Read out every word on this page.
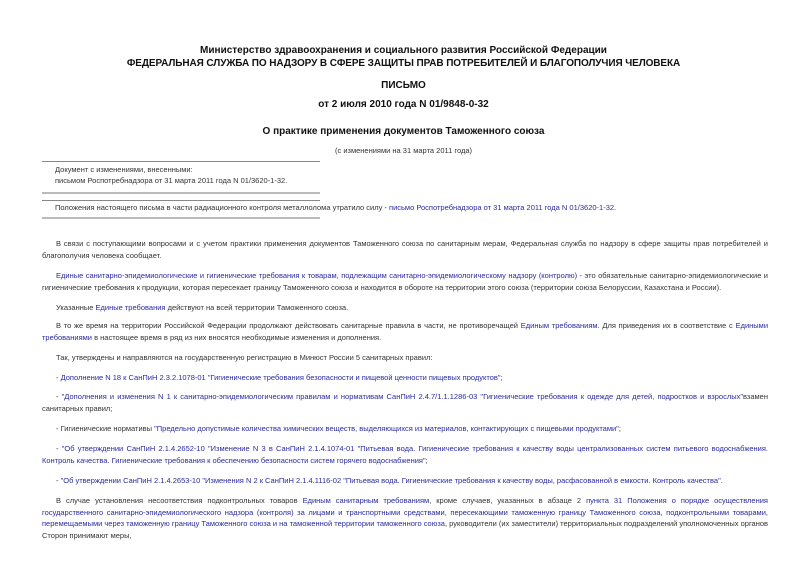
Министерство здравоохранения и социального развития Российской Федерации
ФЕДЕРАЛЬНАЯ СЛУЖБА ПО НАДЗОРУ В СФЕРЕ ЗАЩИТЫ ПРАВ ПОТРЕБИТЕЛЕЙ И БЛАГОПОЛУЧИЯ ЧЕЛОВЕКА
ПИСЬМО
от 2 июля 2010 года N 01/9848-0-32
О практике применения документов Таможенного союза
(с изменениями на 31 марта 2011 года)
Документ с изменениями, внесенными:
письмом Роспотребнадзора от 31 марта 2011 года N 01/3620-1-32.
Положения настоящего письма в части радиационного контроля металлолома утратило силу - письмо Роспотребнадзора от 31 марта 2011 года N 01/3620-1-32.
В связи с поступающими вопросами и с учетом практики применения документов Таможенного союза по санитарным мерам, Федеральная служба по надзору в сфере защиты прав потребителей и благополучия человека сообщает.
Единые санитарно-эпидемиологические и гигиенические требования к товарам, подлежащим санитарно-эпидемиологическому надзору (контролю) - это обязательные санитарно-эпидемиологические и гигиенические требования к продукции, которая пересекает границу Таможенного союза и находится в обороте на территории этого союза (территории союза Белоруссии, Казахстана и России).
Указанные Единые требования действуют на всей территории Таможенного союза.
В то же время на территории Российской Федерации продолжают действовать санитарные правила в части, не противоречащей Единым требованиям. Для приведения их в соответствие с Едиными требованиями в настоящее время в ряд из них вносятся необходимые изменения и дополнения.
Так, утверждены и направляются на государственную регистрацию в Минюст России 5 санитарных правил:
- Дополнение N 18 к СанПиН 2.3.2.1078-01 "Гигиенические требования безопасности и пищевой ценности пищевых продуктов";
- "Дополнения и изменения N 1 к санитарно-эпидемиологическим правилам и нормативам СанПиН 2.4.7/1.1.1286-03 "Гигиенические требования к одежде для детей, подростков и взрослых"взамен санитарных правил;
- Гигиенические нормативы "Предельно допустимые количества химических веществ, выделяющихся из материалов, контактирующих с пищевыми продуктами";
- "Об утверждении СанПиН 2.1.4.2652-10 "Изменение N 3 в СанПиН 2.1.4.1074-01 "Питьевая вода. Гигиенические требования к качеству воды централизованных систем питьевого водоснабжения. Контроль качества. Гигиенические требования к обеспечению безопасности систем горячего водоснабжения";
- "Об утверждении СанПиН 2.1.4.2653-10 "Изменения N 2 к СанПиН 2.1.4.1116-02 "Питьевая вода. Гигиенические требования к качеству воды, расфасованной в емкости. Контроль качества".
В случае установления несоответствия подконтрольных товаров Единым санитарным требованиям, кроме случаев, указанных в абзаце 2 пункта 31 Положения о порядке осуществления государственного санитарно-эпидемиологического надзора (контроля) за лицами и транспортными средствами, пересекающими таможенную границу Таможенного союза, подконтрольными товарами, перемещаемыми через таможенную границу Таможенного союза и на таможенной территории таможенного союза, руководители (их заместители) территориальных подразделений уполномоченных органов Сторон принимают меры,
